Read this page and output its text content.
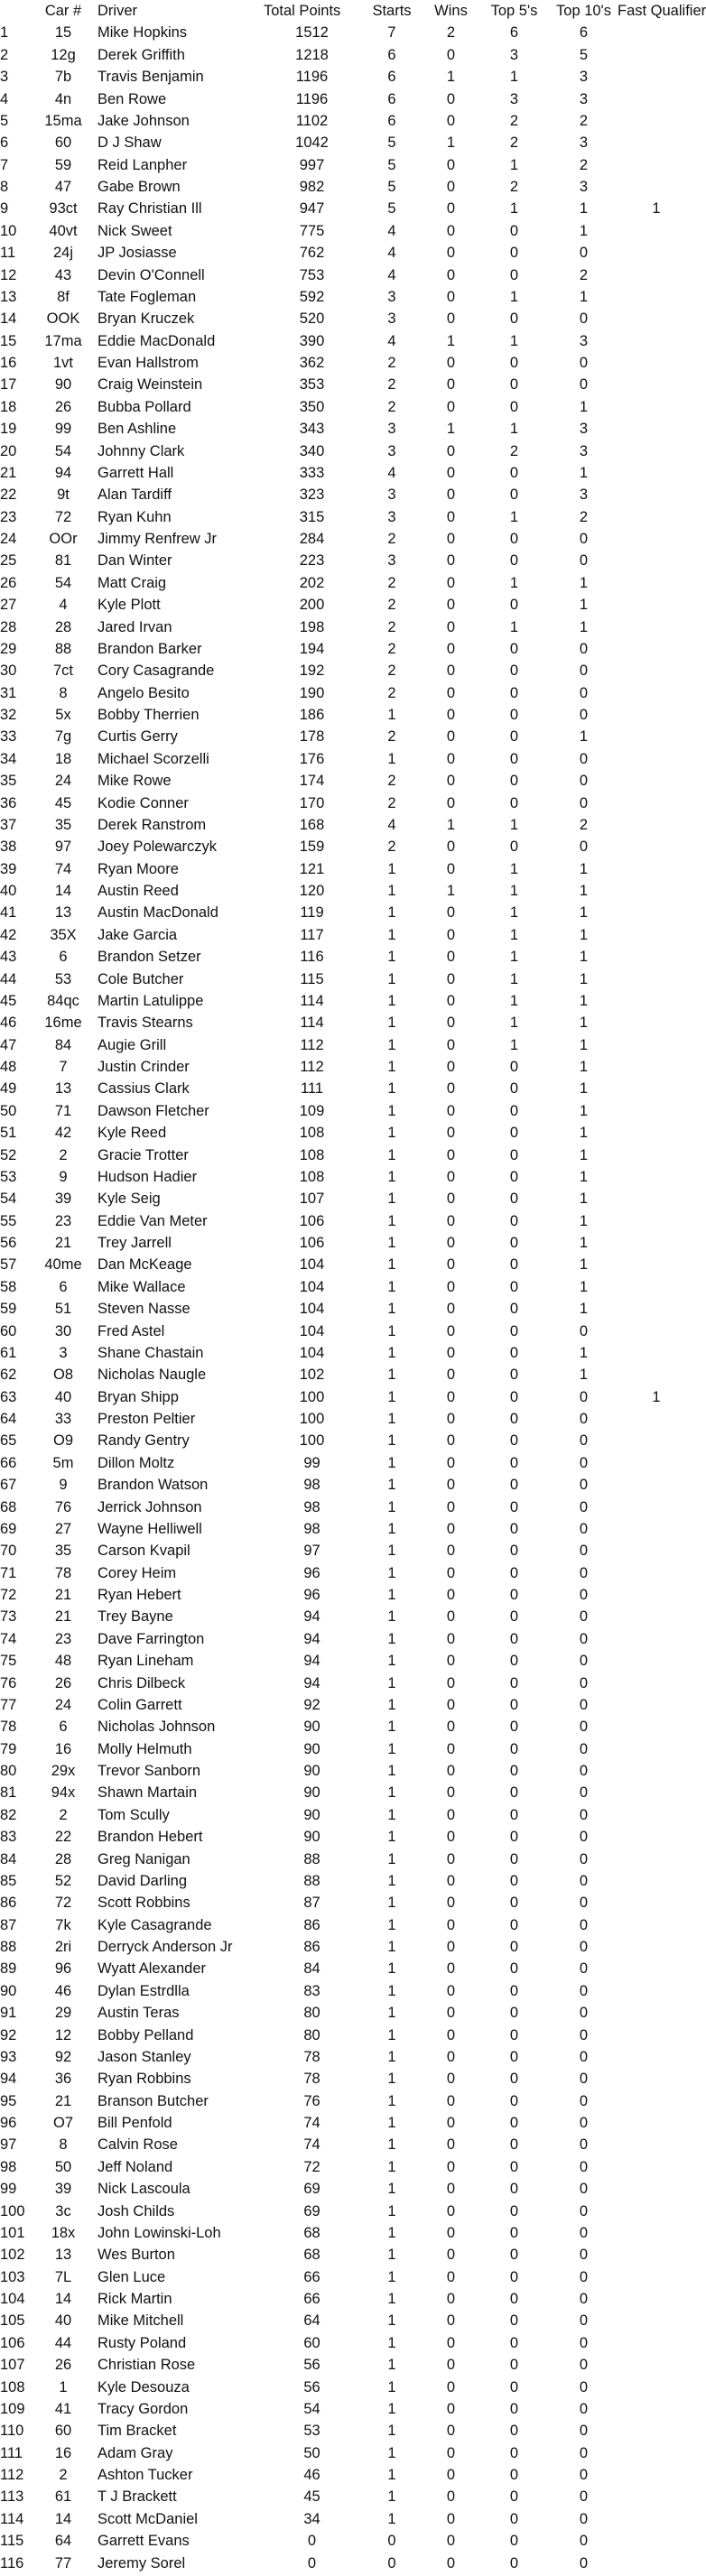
	Car #	Driver	Total Points	Starts	Wins	Top 5's	Top 10's	Fast Qualifier
1	15	Mike Hopkins	1512	7	2	6	6	
2	12g	Derek Griffith	1218	6	0	3	5	
3	7b	Travis Benjamin	1196	6	1	1	3	
4	4n	Ben Rowe	1196	6	0	3	3	
5	15ma	Jake Johnson	1102	6	0	2	2	
6	60	D J Shaw	1042	5	1	2	3	
7	59	Reid Lanpher	997	5	0	1	2	
8	47	Gabe Brown	982	5	0	2	3	
9	93ct	Ray Christian Ill	947	5	0	1	1	1
10	40vt	Nick Sweet	775	4	0	0	1	
11	24j	JP Josiasse	762	4	0	0	0	
12	43	Devin O'Connell	753	4	0	0	2	
13	8f	Tate Fogleman	592	3	0	1	1	
14	OOK	Bryan Kruczek	520	3	0	0	0	
15	17ma	Eddie MacDonald	390	4	1	1	3	
16	1vt	Evan Hallstrom	362	2	0	0	0	
17	90	Craig Weinstein	353	2	0	0	0	
18	26	Bubba Pollard	350	2	0	0	1	
19	99	Ben Ashline	343	3	1	1	3	
20	54	Johnny Clark	340	3	0	2	3	
21	94	Garrett Hall	333	4	0	0	1	
22	9t	Alan Tardiff	323	3	0	0	3	
23	72	Ryan Kuhn	315	3	0	1	2	
24	OOr	Jimmy Renfrew Jr	284	2	0	0	0	
25	81	Dan Winter	223	3	0	0	0	
26	54	Matt Craig	202	2	0	1	1	
27	4	Kyle Plott	200	2	0	0	1	
28	28	Jared Irvan	198	2	0	1	1	
29	88	Brandon Barker	194	2	0	0	0	
30	7ct	Cory Casagrande	192	2	0	0	0	
31	8	Angelo Besito	190	2	0	0	0	
32	5x	Bobby Therrien	186	1	0	0	0	
33	7g	Curtis Gerry	178	2	0	0	1	
34	18	Michael Scorzelli	176	1	0	0	0	
35	24	Mike Rowe	174	2	0	0	0	
36	45	Kodie Conner	170	2	0	0	0	
37	35	Derek Ranstrom	168	4	1	1	2	
38	97	Joey Polewarczyk	159	2	0	0	0	
39	74	Ryan Moore	121	1	0	1	1	
40	14	Austin Reed	120	1	1	1	1	
41	13	Austin MacDonald	119	1	0	1	1	
42	35X	Jake Garcia	117	1	0	1	1	
43	6	Brandon Setzer	116	1	0	1	1	
44	53	Cole Butcher	115	1	0	1	1	
45	84qc	Martin Latulippe	114	1	0	1	1	
46	16me	Travis Stearns	114	1	0	1	1	
47	84	Augie Grill	112	1	0	1	1	
48	7	Justin Crinder	112	1	0	0	1	
49	13	Cassius Clark	111	1	0	0	1	
50	71	Dawson Fletcher	109	1	0	0	1	
51	42	Kyle Reed	108	1	0	0	1	
52	2	Gracie Trotter	108	1	0	0	1	
53	9	Hudson Hadier	108	1	0	0	1	
54	39	Kyle Seig	107	1	0	0	1	
55	23	Eddie Van Meter	106	1	0	0	1	
56	21	Trey Jarrell	106	1	0	0	1	
57	40me	Dan McKeage	104	1	0	0	1	
58	6	Mike Wallace	104	1	0	0	1	
59	51	Steven Nasse	104	1	0	0	1	
60	30	Fred Astel	104	1	0	0	0	
61	3	Shane Chastain	104	1	0	0	1	
62	O8	Nicholas Naugle	102	1	0	0	1	
63	40	Bryan Shipp	100	1	0	0	0	1
64	33	Preston Peltier	100	1	0	0	0	
65	O9	Randy Gentry	100	1	0	0	0	
66	5m	Dillon Moltz	99	1	0	0	0	
67	9	Brandon Watson	98	1	0	0	0	
68	76	Jerrick Johnson	98	1	0	0	0	
69	27	Wayne Helliwell	98	1	0	0	0	
70	35	Carson Kvapil	97	1	0	0	0	
71	78	Corey Heim	96	1	0	0	0	
72	21	Ryan Hebert	96	1	0	0	0	
73	21	Trey Bayne	94	1	0	0	0	
74	23	Dave Farrington	94	1	0	0	0	
75	48	Ryan Lineham	94	1	0	0	0	
76	26	Chris Dilbeck	94	1	0	0	0	
77	24	Colin Garrett	92	1	0	0	0	
78	6	Nicholas Johnson	90	1	0	0	0	
79	16	Molly Helmuth	90	1	0	0	0	
80	29x	Trevor Sanborn	90	1	0	0	0	
81	94x	Shawn Martain	90	1	0	0	0	
82	2	Tom Scully	90	1	0	0	0	
83	22	Brandon Hebert	90	1	0	0	0	
84	28	Greg Nanigan	88	1	0	0	0	
85	52	David Darling	88	1	0	0	0	
86	72	Scott Robbins	87	1	0	0	0	
87	7k	Kyle Casagrande	86	1	0	0	0	
88	2ri	Derryck Anderson Jr	86	1	0	0	0	
89	96	Wyatt Alexander	84	1	0	0	0	
90	46	Dylan Estrdlla	83	1	0	0	0	
91	29	Austin Teras	80	1	0	0	0	
92	12	Bobby Pelland	80	1	0	0	0	
93	92	Jason Stanley	78	1	0	0	0	
94	36	Ryan Robbins	78	1	0	0	0	
95	21	Branson Butcher	76	1	0	0	0	
96	O7	Bill Penfold	74	1	0	0	0	
97	8	Calvin Rose	74	1	0	0	0	
98	50	Jeff Noland	72	1	0	0	0	
99	39	Nick Lascoula	69	1	0	0	0	
100	3c	Josh Childs	69	1	0	0	0	
101	18x	John Lowinski-Loh	68	1	0	0	0	
102	13	Wes Burton	68	1	0	0	0	
103	7L	Glen Luce	66	1	0	0	0	
104	14	Rick Martin	66	1	0	0	0	
105	40	Mike Mitchell	64	1	0	0	0	
106	44	Rusty Poland	60	1	0	0	0	
107	26	Christian Rose	56	1	0	0	0	
108	1	Kyle Desouza	56	1	0	0	0	
109	41	Tracy Gordon	54	1	0	0	0	
110	60	Tim Bracket	53	1	0	0	0	
111	16	Adam Gray	50	1	0	0	0	
112	2	Ashton Tucker	46	1	0	0	0	
113	61	T J Brackett	45	1	0	0	0	
114	14	Scott McDaniel	34	1	0	0	0	
115	64	Garrett Evans	0	0	0	0	0	
116	77	Jeremy Sorel	0	0	0	0	0	
